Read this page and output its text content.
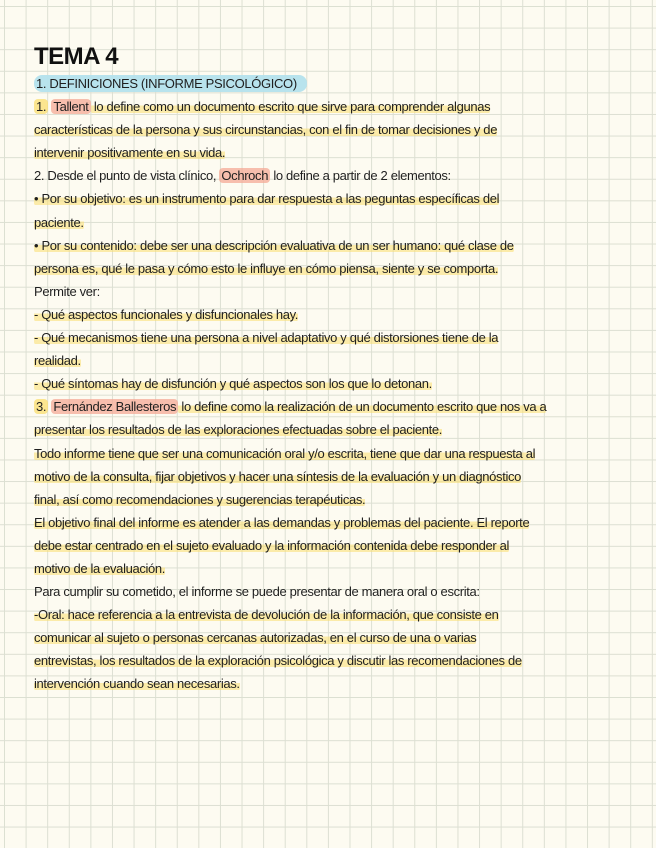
TEMA 4
1. DEFINICIONES (INFORME PSICOLÓGICO)
1. Tallent lo define como un documento escrito que sirve para comprender algunas
características de la persona y sus circunstancias, con el fin de tomar decisiones y de
intervenir positivamente en su vida.
2. Desde el punto de vista clínico, Ochroch lo define a partir de 2 elementos:
• Por su objetivo: es un instrumento para dar respuesta a las peguntas específicas del
paciente.
• Por su contenido: debe ser una descripción evaluativa de un ser humano: qué clase de
persona es, qué le pasa y cómo esto le influye en cómo piensa, siente y se comporta.
Permite ver:
- Qué aspectos funcionales y disfuncionales hay.
- Qué mecanismos tiene una persona a nivel adaptativo y qué distorsiones tiene de la
realidad.
- Qué síntomas hay de disfunción y qué aspectos son los que lo detonan.
3. Fernández Ballesteros lo define como la realización de un documento escrito que nos va a
presentar los resultados de las exploraciones efectuadas sobre el paciente.
Todo informe tiene que ser una comunicación oral y/o escrita, tiene que dar una respuesta al
motivo de la consulta, fijar objetivos y hacer una síntesis de la evaluación y un diagnóstico
final, así como recomendaciones y sugerencias terapéuticas.
El objetivo final del informe es atender a las demandas y problemas del paciente. El reporte
debe estar centrado en el sujeto evaluado y la información contenida debe responder al
motivo de la evaluación.
Para cumplir su cometido, el informe se puede presentar de manera oral o escrita:
-Oral: hace referencia a la entrevista de devolución de la información, que consiste en
comunicar al sujeto o personas cercanas autorizadas, en el curso de una o varias
entrevistas, los resultados de la exploración psicológica y discutir las recomendaciones de
intervención cuando sean necesarias.
